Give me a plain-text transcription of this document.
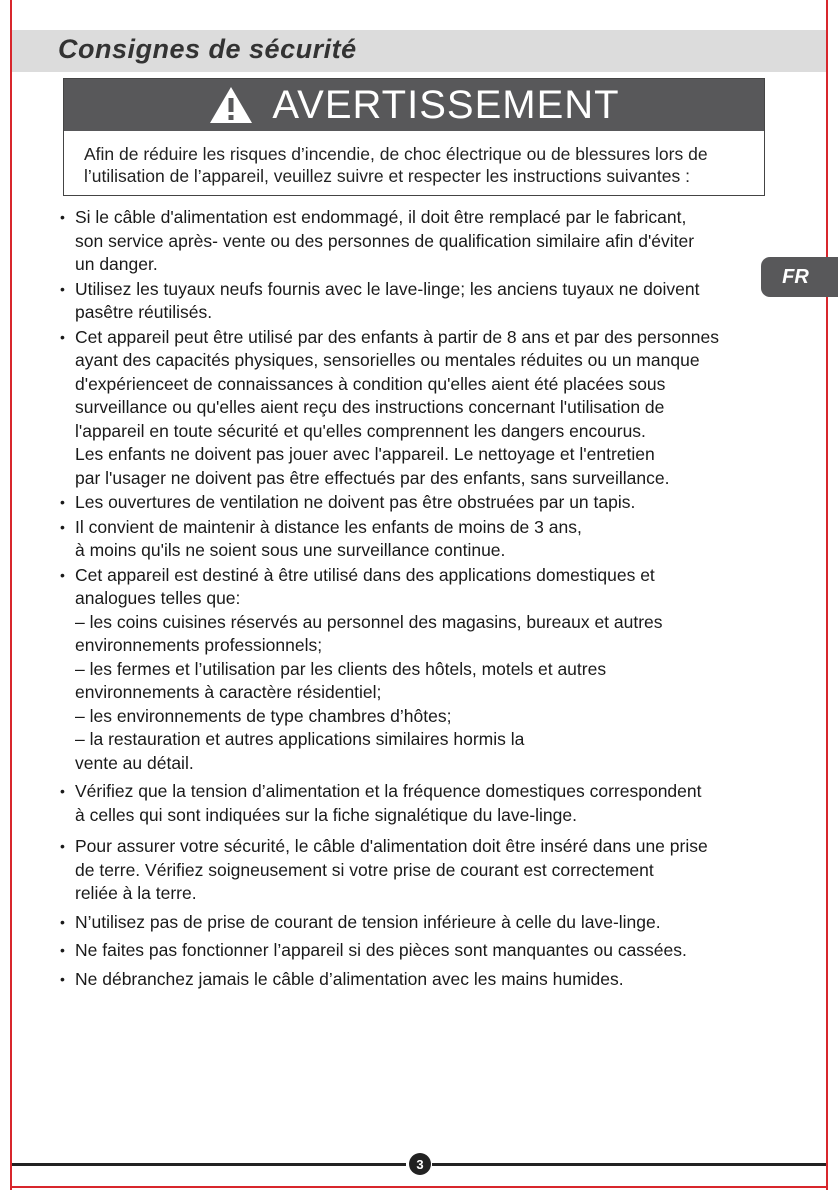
Consignes de sécurité
AVERTISSEMENT
Afin de réduire les risques d’incendie, de choc électrique ou de blessures lors de
l’utilisation de l’appareil, veuillez suivre et respecter les instructions suivantes :
FR
• Si le câble d'alimentation est endommagé, il doit être remplacé par le fabricant,
son service après- vente ou des personnes de qualification similaire afin d'éviter
un danger.
• Utilisez les tuyaux neufs fournis avec le lave-linge; les anciens tuyaux ne doivent
pasêtre réutilisés.
• Cet appareil peut être utilisé par des enfants à partir de 8 ans et par des personnes
ayant des capacités physiques, sensorielles ou mentales réduites ou un manque
d'expérienceet de connaissances à condition qu'elles aient été placées sous
surveillance ou qu'elles aient reçu des instructions concernant l'utilisation de
l'appareil en toute sécurité et qu'elles comprennent les dangers encourus.
Les enfants ne doivent pas jouer avec l'appareil. Le nettoyage et l'entretien
par l'usager ne doivent pas être effectués par des enfants, sans surveillance.
• Les ouvertures de ventilation ne doivent pas être obstruées par un tapis.
• Il convient de maintenir à distance les enfants de moins de 3 ans,
à moins qu'ils ne soient sous une surveillance continue.
• Cet appareil est destiné à être utilisé dans des applications domestiques et
analogues telles que:
– les coins cuisines réservés au personnel des magasins, bureaux et autres
environnements professionnels;
– les fermes et l’utilisation par les clients des hôtels, motels et autres
environnements à caractère résidentiel;
– les environnements de type chambres d’hôtes;
– la restauration et autres applications similaires hormis la
vente au détail.
• Vérifiez que la tension d’alimentation et la fréquence domestiques correspondent
à celles qui sont indiquées sur la fiche signalétique du lave-linge.
• Pour assurer votre sécurité, le câble d'alimentation doit être inséré dans une prise
de terre. Vérifiez soigneusement si votre prise de courant est correctement
reliée à la terre.
• N’utilisez pas de prise de courant de tension inférieure à celle du lave-linge.
• Ne faites pas fonctionner l’appareil si des pièces sont manquantes ou cassées.
• Ne débranchez jamais le câble d’alimentation avec les mains humides.
3
